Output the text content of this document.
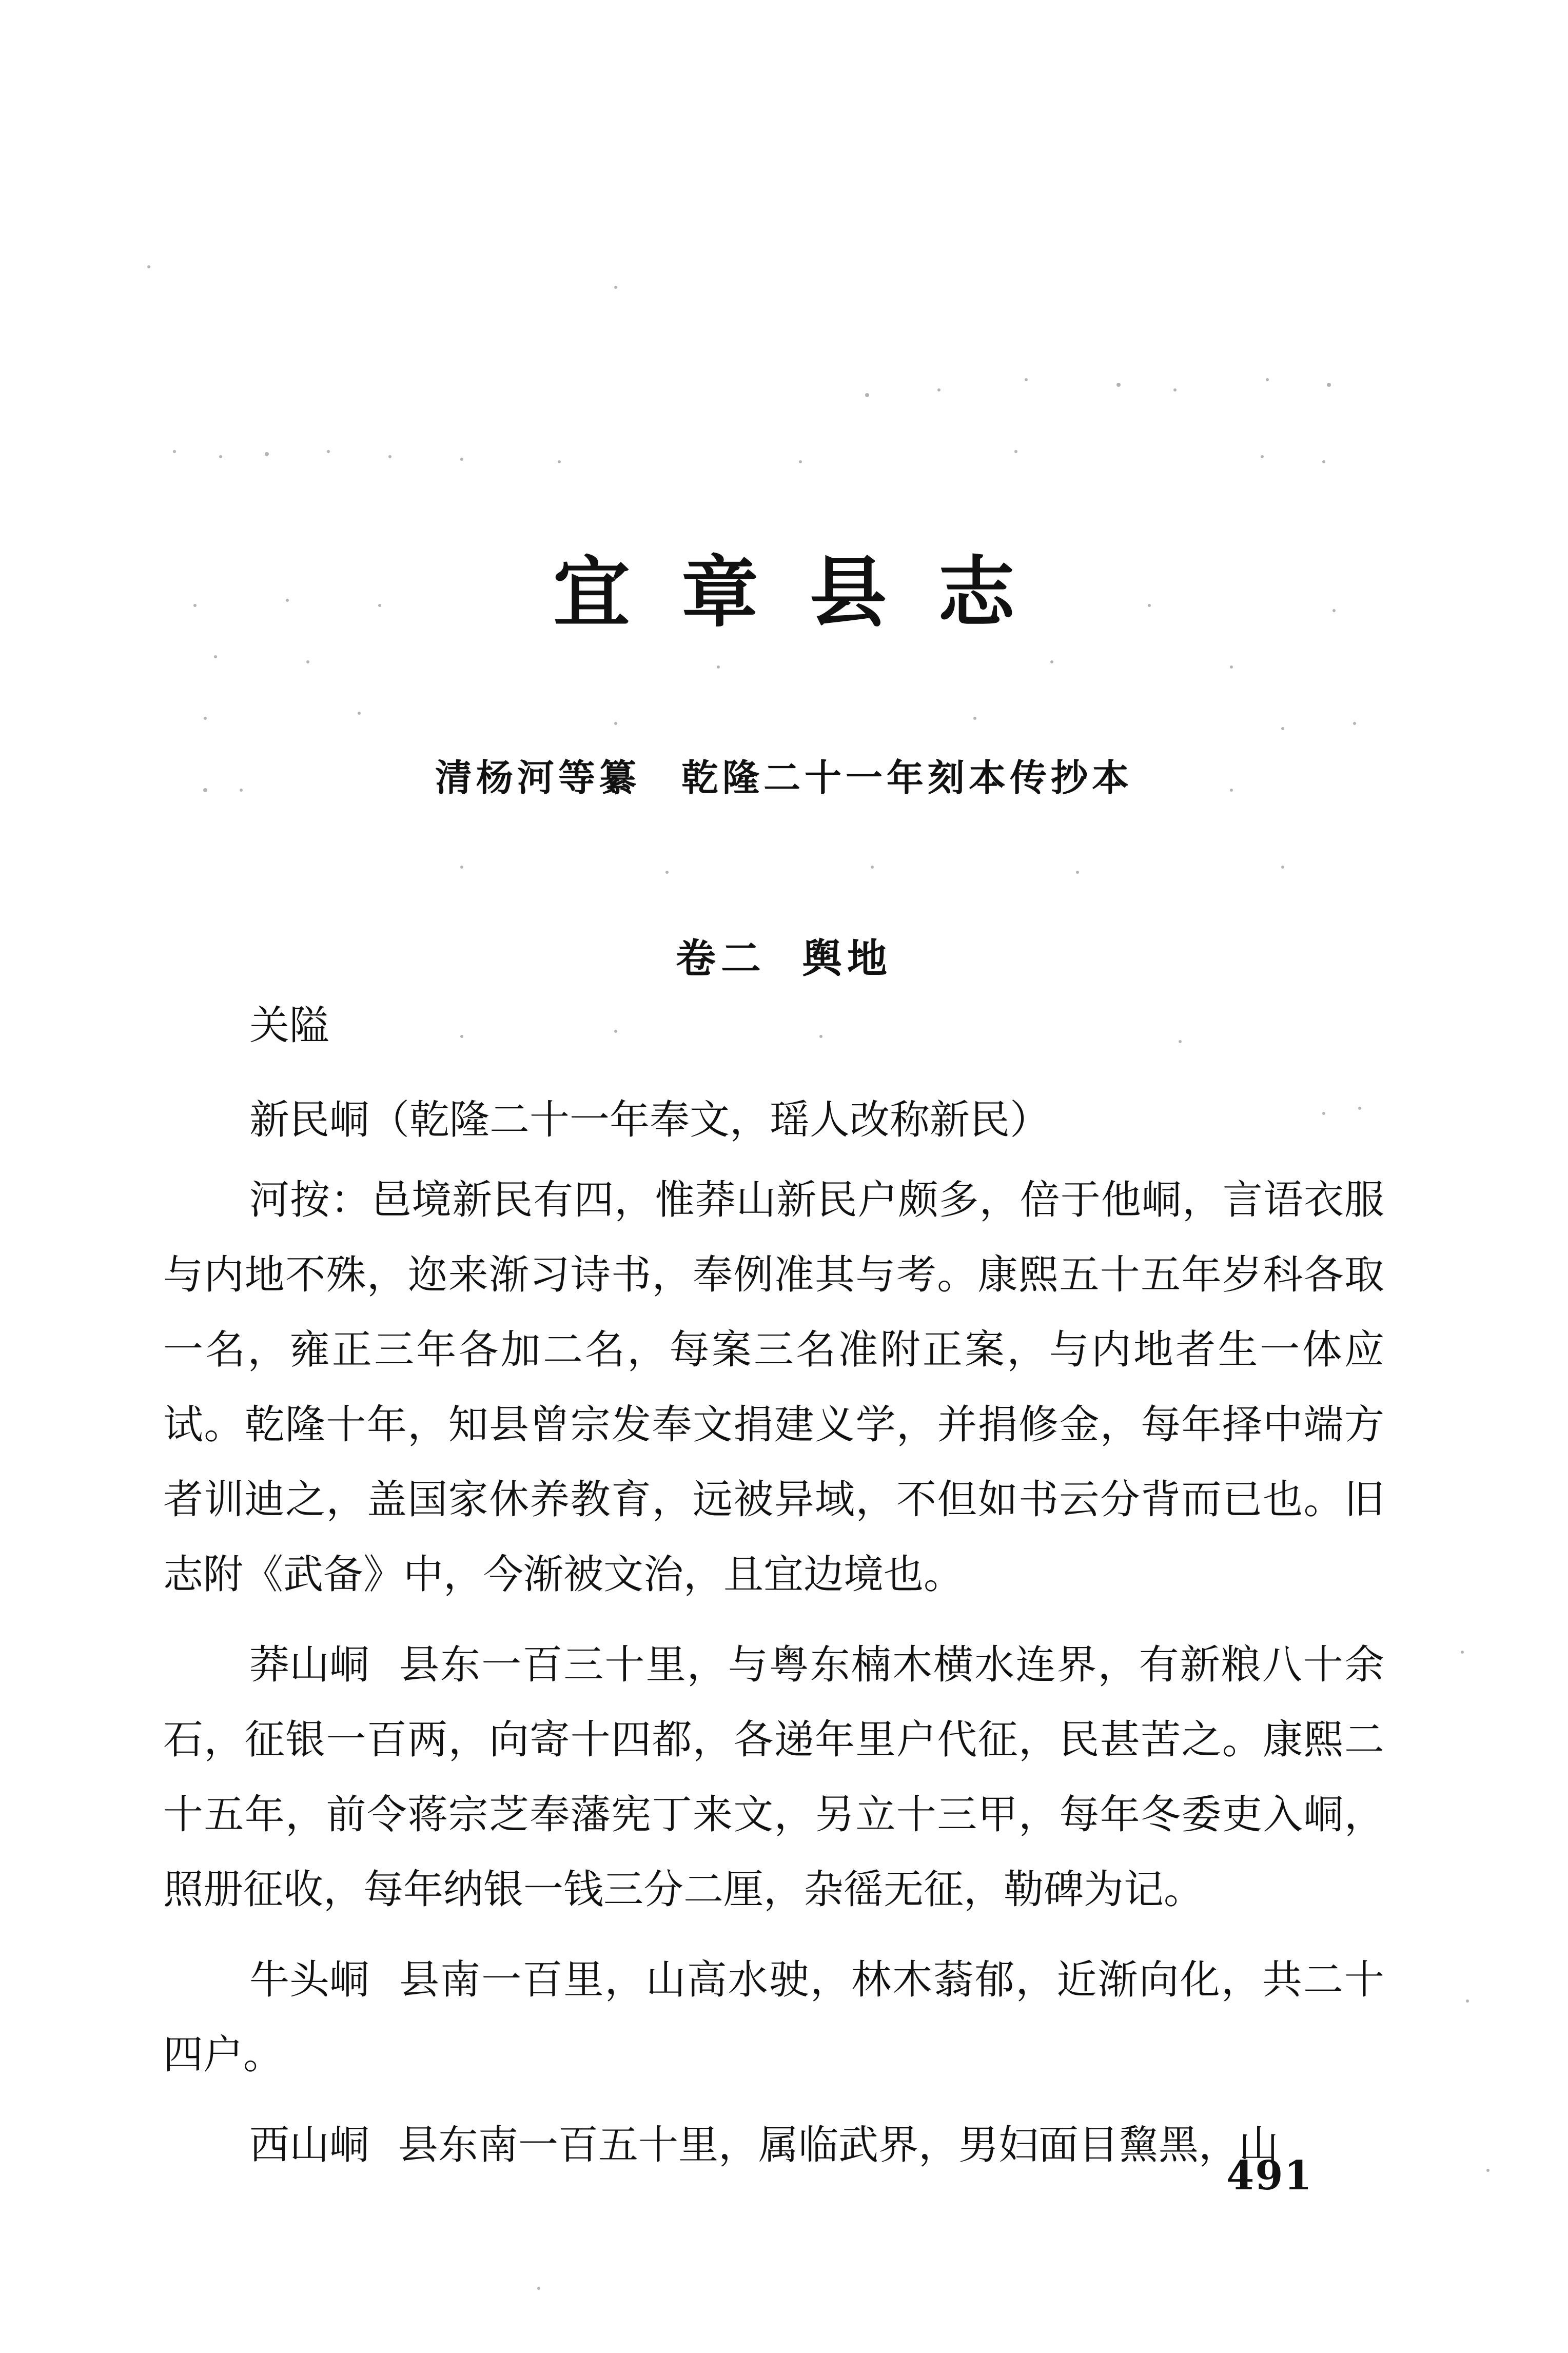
宜章县志
清杨河等纂　乾隆二十一年刻本传抄本
卷二 舆地
关隘

新民峒（乾隆二十一年奉文，瑶人改称新民）

河按：邑境新民有四，惟莽山新民户颇多，倍于他峒，言语衣服与内地不殊，迩来渐习诗书，奉例准其与考。康熙五十五年岁科各取一名，雍正三年各加二名，每案三名准附正案，与内地者生一体应试。乾隆十年，知县曾宗发奉文捐建义学，并捐修金，每年择中端方者训迪之，盖国家休养教育，远被异域，不但如书云分背而已也。旧志附《武备》中，今渐被文治，且宜边境也。

莽山峒 县东一百三十里，与粤东楠木横水连界，有新粮八十余石，征银一百两，向寄十四都，各递年里户代征，民甚苦之。康熙二十五年，前令蒋宗芝奉藩宪丁来文，另立十三甲，每年冬委吏入峒，照册征收，每年纳银一钱三分二厘，杂徭无征，勒碑为记。

牛头峒 县南一百里，山高水驶，林木蓊郁，近渐向化，共二十四户。

西山峒 县东南一百五十里，属临武界，男妇面目黧黑，山

491
